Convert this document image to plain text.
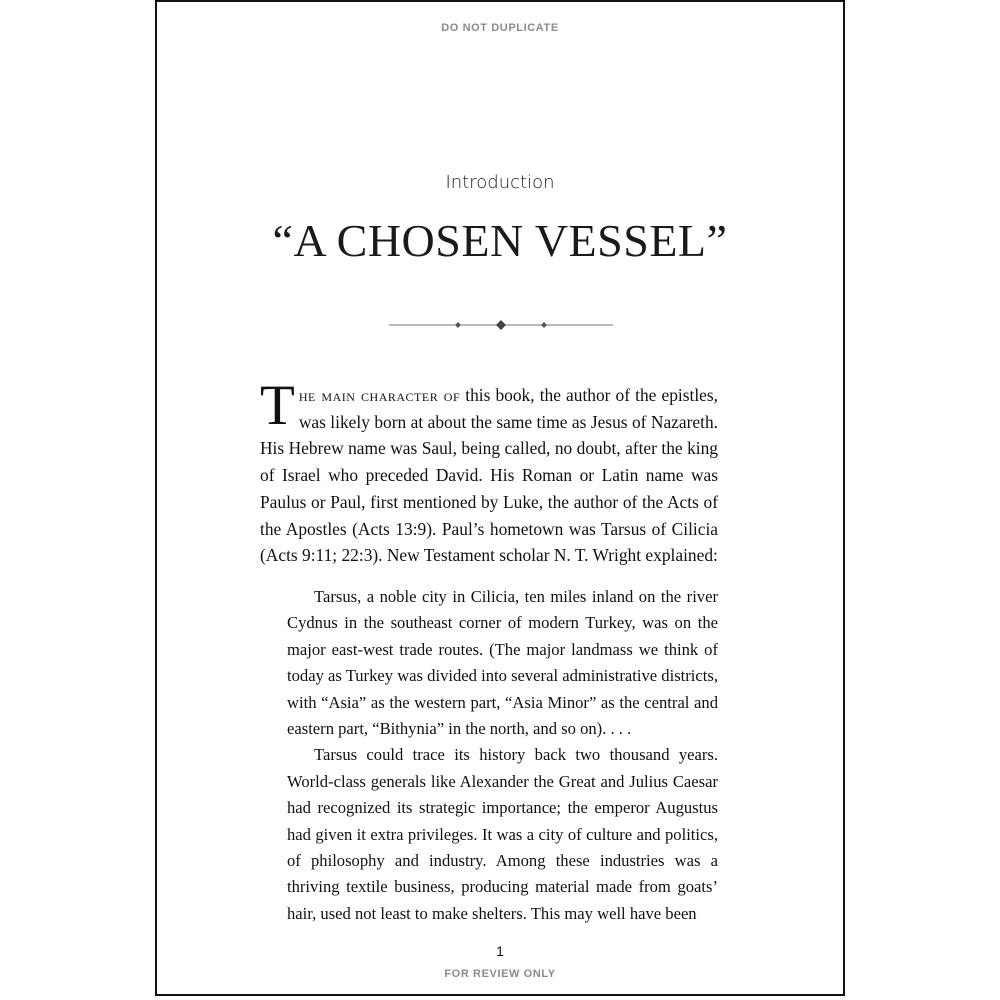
DO NOT DUPLICATE
Introduction
“A CHOSEN VESSEL”

T he main character of this book, the author of the epistles, was likely born at about the same time as Jesus of Nazareth. His Hebrew name was Saul, being called, no doubt, after the king of Israel who preceded David. His Roman or Latin name was Paulus or Paul, first mentioned by Luke, the author of the Acts of the Apostles (Acts 13:9). Paul’s hometown was Tarsus of Cilicia (Acts 9:11; 22:3). New Testament scholar N. T. Wright explained:

Tarsus, a noble city in Cilicia, ten miles inland on the river Cydnus in the southeast corner of modern Turkey, was on the major east-west trade routes. (The major landmass we think of today as Turkey was divided into several administrative districts, with “Asia” as the western part, “Asia Minor” as the central and eastern part, “Bithynia” in the north, and so on). . . .

Tarsus could trace its history back two thousand years. World-class generals like Alexander the Great and Julius Caesar had recognized its strategic importance; the emperor Augustus had given it extra privileges. It was a city of culture and politics, of philosophy and industry. Among these industries was a thriving textile business, producing material made from goats’ hair, used not least to make shelters. This may well have been

1
FOR REVIEW ONLY
